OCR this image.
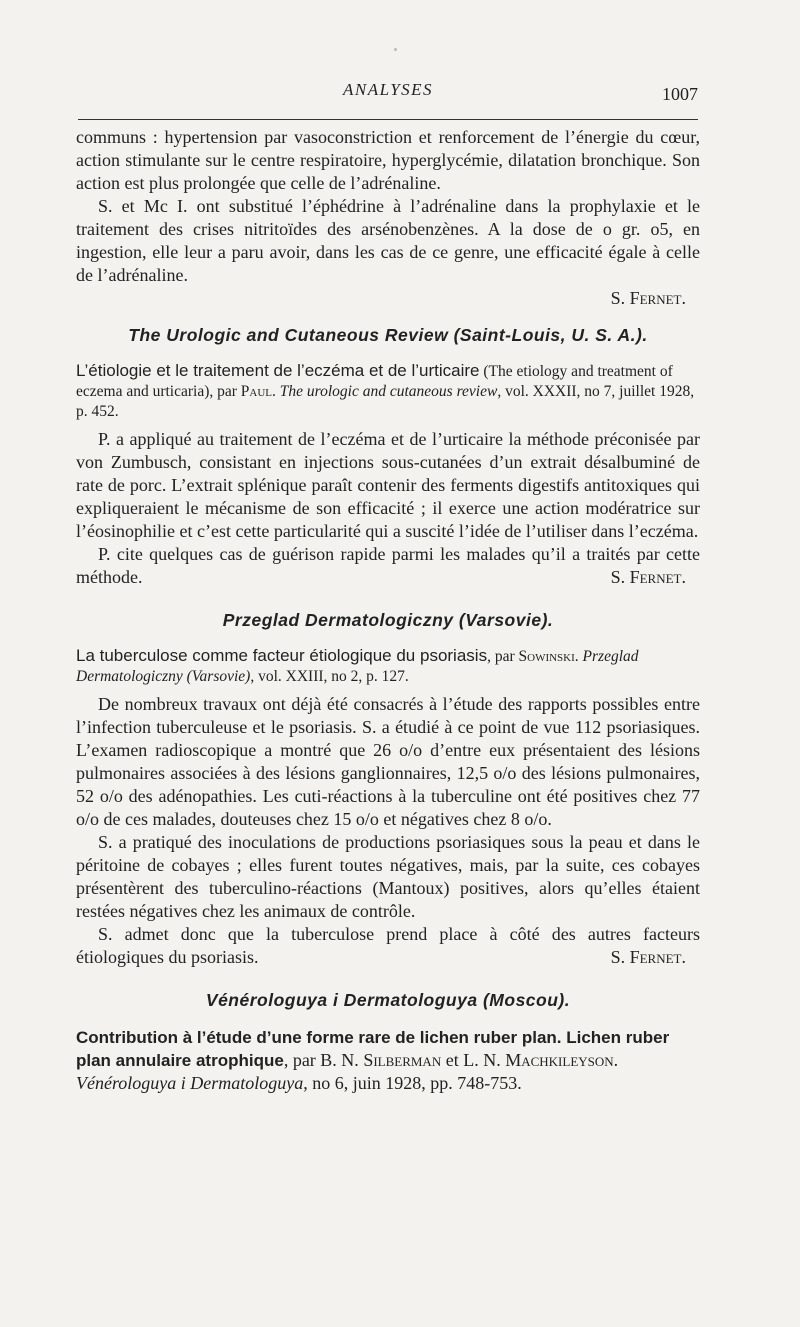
ANALYSES	1007

communs : hypertension par vasoconstriction et renforcement de l’énergie du cœur, action stimulante sur le centre respiratoire, hyperglycémie, dilatation bronchique. Son action est plus prolongée que celle de l’adrénaline.

S. et Mc I. ont substitué l’éphédrine à l’adrénaline dans la prophylaxie et le traitement des crises nitritoïdes des arsénobenzènes. A la dose de o gr. o5, en ingestion, elle leur a paru avoir, dans les cas de ce genre, une efficacité égale à celle de l’adrénaline.

S. Fernet.

The Urologic and Cutaneous Review (Saint-Louis, U. S. A.).

L’étiologie et le traitement de l’eczéma et de l’urticaire (The etiology and treatment of eczema and urticaria), par Paul. The urologic and cutaneous review, vol. XXXII, no 7, juillet 1928, p. 452.

P. a appliqué au traitement de l’eczéma et de l’urticaire la méthode préconisée par von Zumbusch, consistant en injections sous-cutanées d’un extrait désalbuminé de rate de porc. L’extrait splénique paraît contenir des ferments digestifs antitoxiques qui expliqueraient le mécanisme de son efficacité ; il exerce une action modératrice sur l’éosinophilie et c’est cette particularité qui a suscité l’idée de l’utiliser dans l’eczéma.

P. cite quelques cas de guérison rapide parmi les malades qu’il a traités par cette méthode.	S. Fernet.

Przeglad Dermatologiczny (Varsovie).

La tuberculose comme facteur étiologique du psoriasis, par Sowinski. Przeglad Dermatologiczny (Varsovie), vol. XXIII, no 2, p. 127.

De nombreux travaux ont déjà été consacrés à l’étude des rapports possibles entre l’infection tuberculeuse et le psoriasis. S. a étudié à ce point de vue 112 psoriasiques. L’examen radioscopique a montré que 26 o/o d’entre eux présentaient des lésions pulmonaires associées à des lésions ganglionnaires, 12,5 o/o des lésions pulmonaires, 52 o/o des adénopathies. Les cuti-réactions à la tuberculine ont été positives chez 77 o/o de ces malades, douteuses chez 15 o/o et négatives chez 8 o/o.

S. a pratiqué des inoculations de productions psoriasiques sous la peau et dans le péritoine de cobayes ; elles furent toutes négatives, mais, par la suite, ces cobayes présentèrent des tuberculino-réactions (Mantoux) positives, alors qu’elles étaient restées négatives chez les animaux de contrôle.

S. admet donc que la tuberculose prend place à côté des autres facteurs étiologiques du psoriasis.	S. Fernet.

Vénérologuya i Dermatologuya (Moscou).

Contribution à l’étude d’une forme rare de lichen ruber plan. Lichen ruber plan annulaire atrophique, par B. N. Silberman et L. N. Machkileyson. Vénérologuya i Dermatologuya, no 6, juin 1928, pp. 748-753.
